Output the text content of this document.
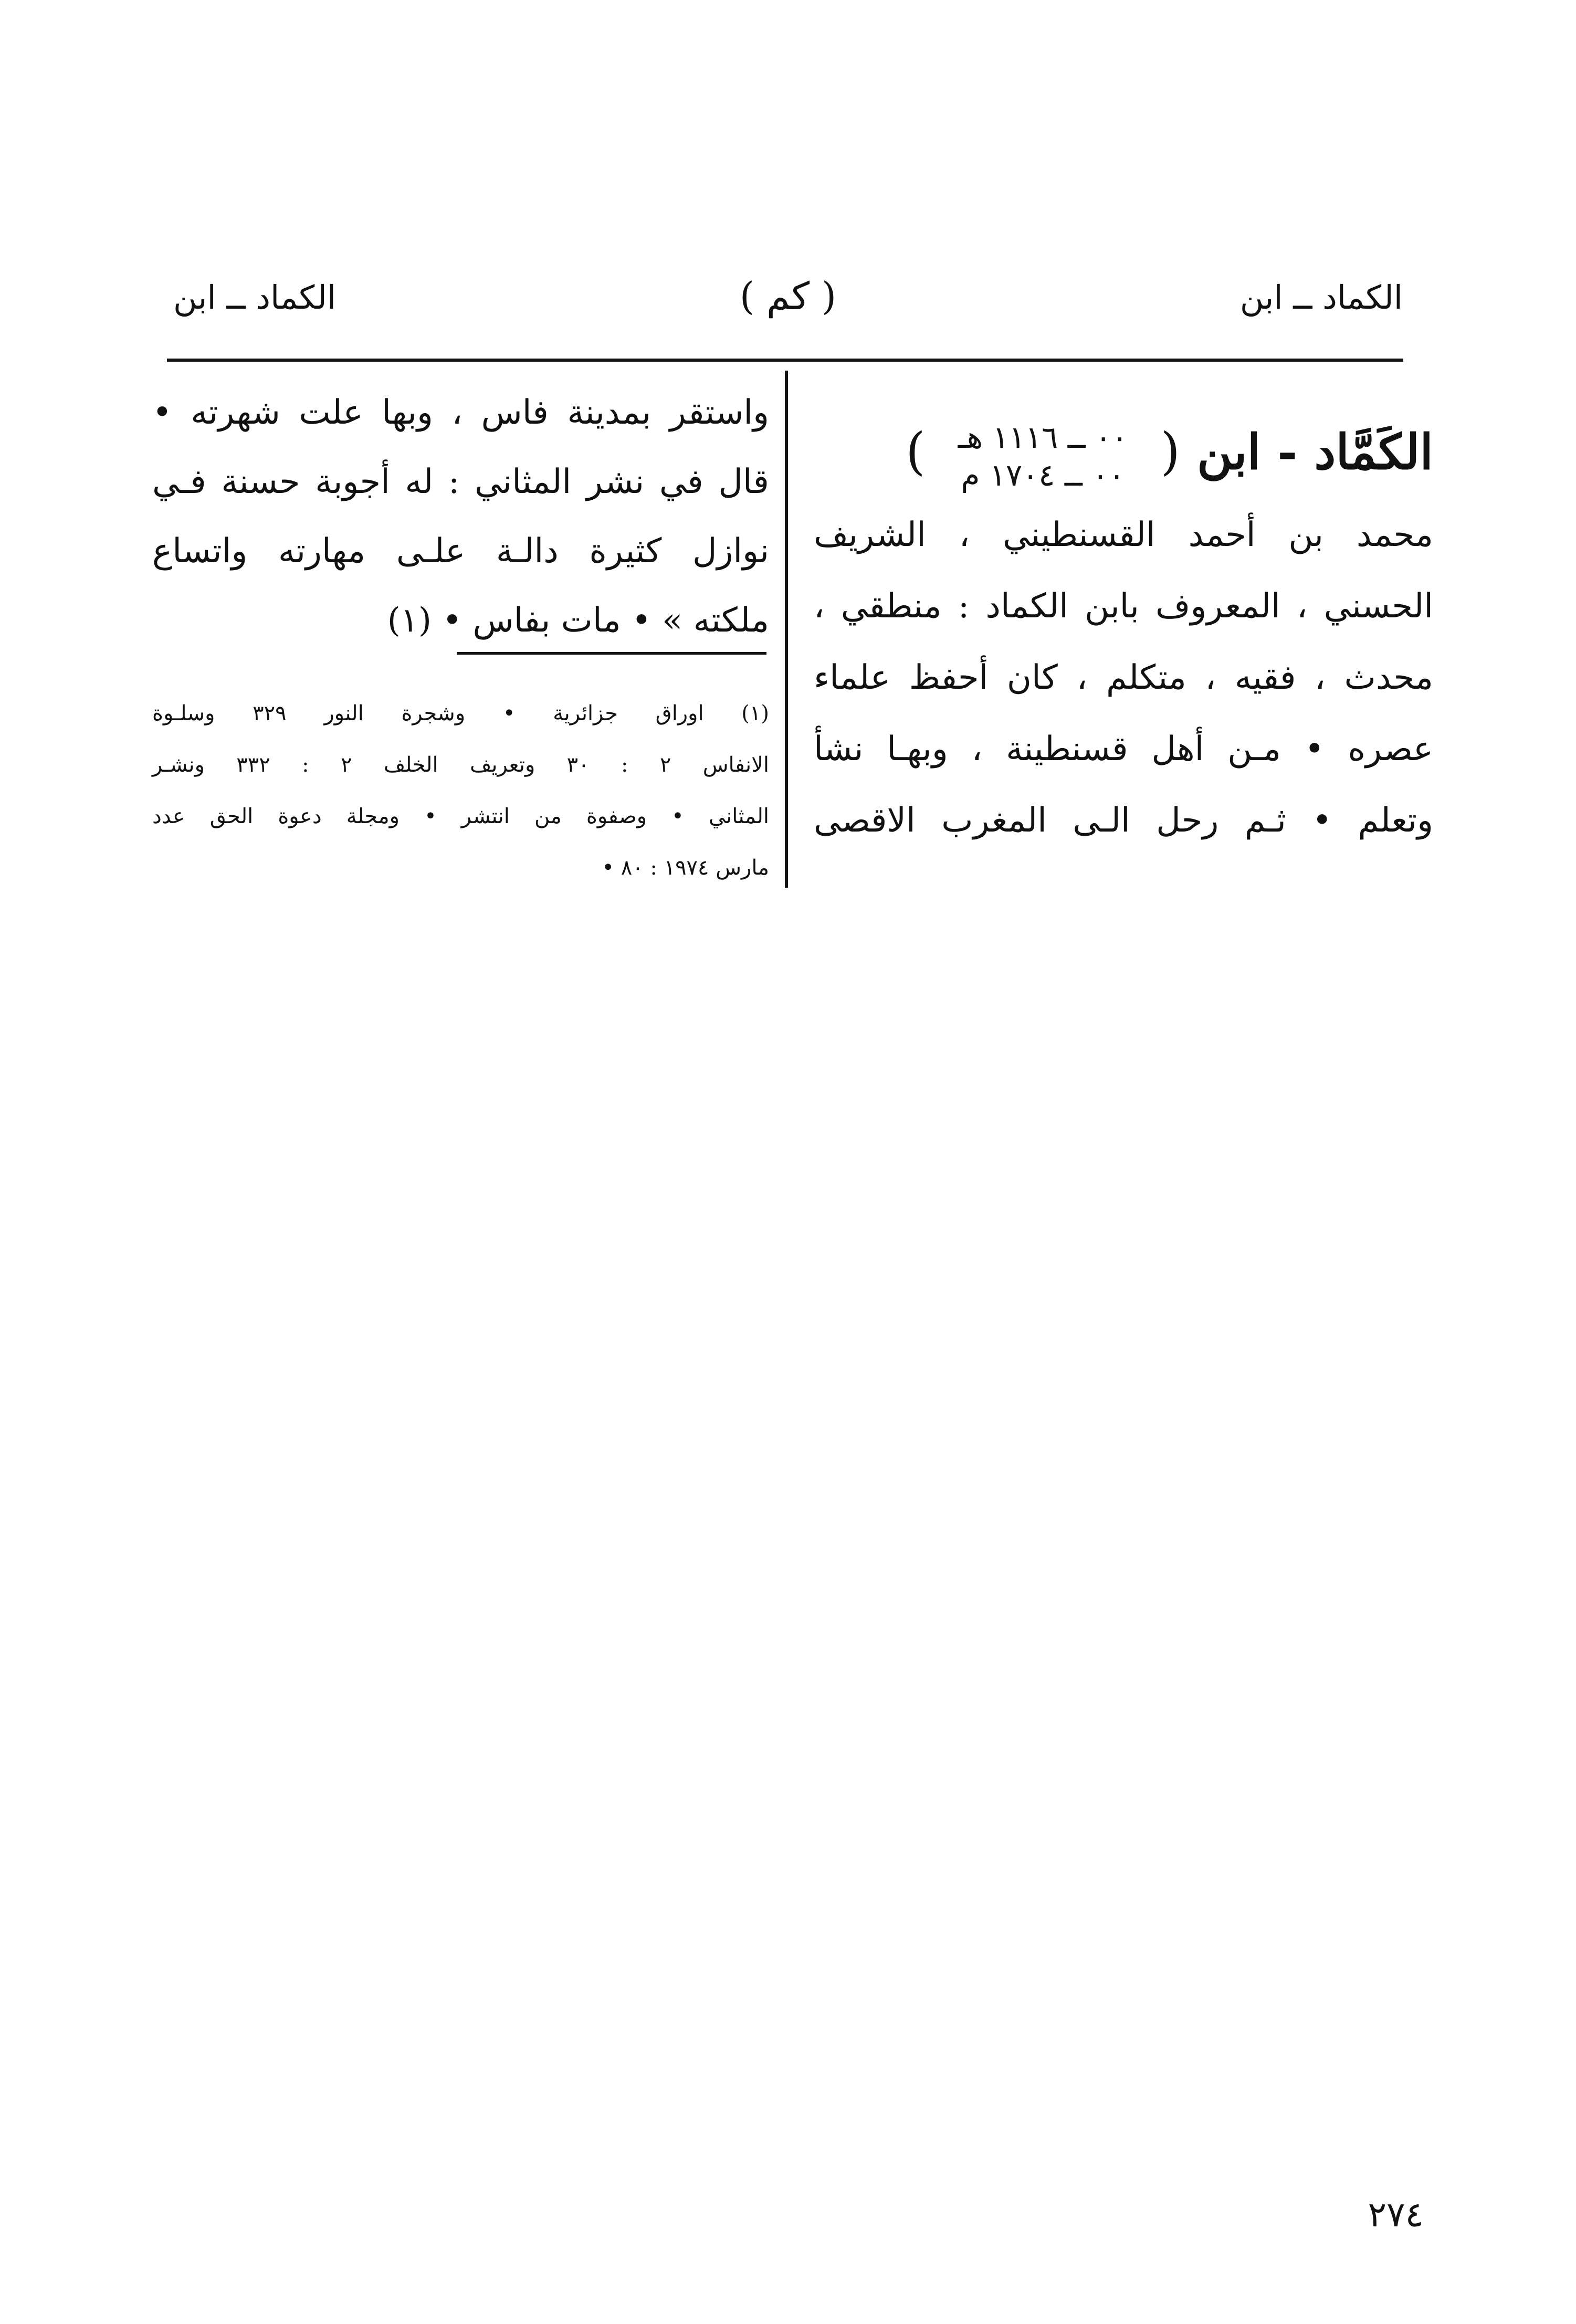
الكماد ــ ابن
( كم )
الكماد ــ ابن
الكَمَّاد - ابن (
٠٠ ــ ١١١٦ هـ
٠٠ ــ ١٧٠٤ م
)
محمد بن أحمد القسنطيني ، الشريف
الحسني ، المعروف بابن الكماد : منطقي ،
محدث ، فقيه ، متكلم ، كان أحفظ علماء
عصره • مـن أهل قسنطينة ، وبهـا نشأ
وتعلم • ثـم رحل الـى المغرب الاقصى
واستقر بمدينة فاس ، وبها علت شهرته •
قال في نشر المثاني : له أجوبة حسنة فـي
نوازل كثيرة دالـة علـى مهارته واتساع
ملكته » • مات بفاس • (١)
(١) اوراق جزائرية • وشجرة النور ٣٢٩ وسلـوة
الانفاس ٢ : ٣٠ وتعريف الخلف ٢ : ٣٣٢ ونشـر
المثاني • وصفوة من انتشر • ومجلة دعوة الحق عدد
مارس ١٩٧٤ : ٨٠ •
٢٧٤
